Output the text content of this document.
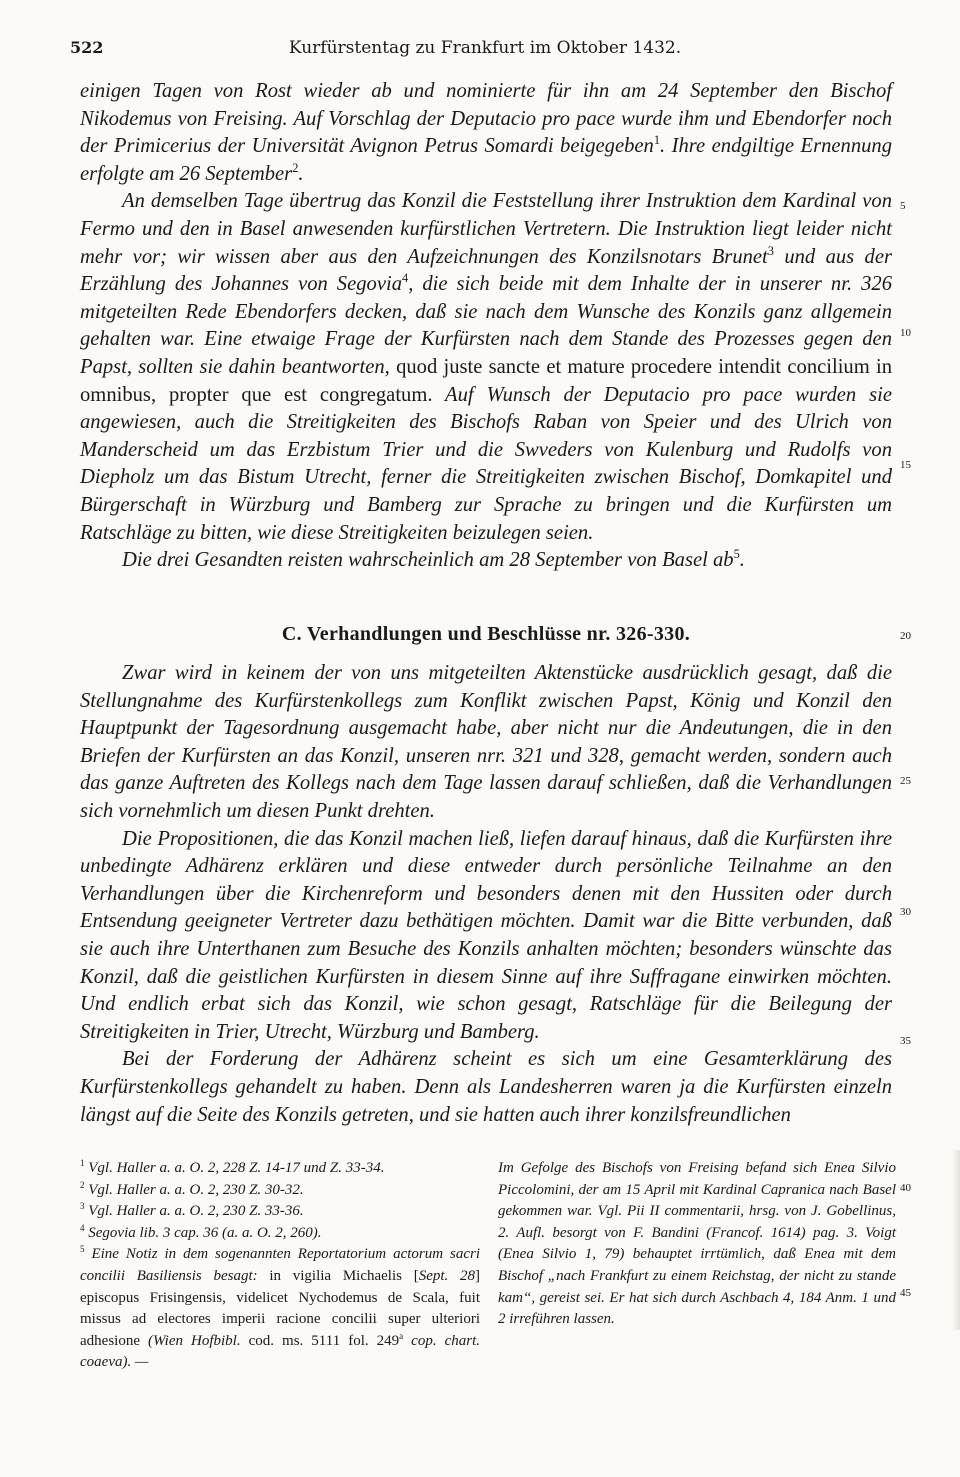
522	Kurfürstentag zu Frankfurt im Oktober 1432.

einigen Tagen von Rost wieder ab und nominierte für ihn am 24 September den Bischof Nikodemus von Freising. Auf Vorschlag der Deputacio pro pace wurde ihm und Ebendorfer noch der Primicerius der Universität Avignon Petrus Somardi beigegeben$^1$. Ihre endgiltige Ernennung erfolgte am 26 September$^2$.

An demselben Tage übertrug das Konzil die Feststellung ihrer Instruktion dem Kardinal von Fermo und den in Basel anwesenden kurfürstlichen Vertretern. Die Instruktion liegt leider nicht mehr vor; wir wissen aber aus den Aufzeichnungen des Konzilsnotars Brunet$^3$ und aus der Erzählung des Johannes von Segovia$^4$, die sich beide mit dem Inhalte der in unserer nr. 326 mitgeteilten Rede Ebendorfers decken, daß sie nach dem Wunsche des Konzils ganz allgemein gehalten war. Eine etwaige Frage der Kurfürsten nach dem Stande des Prozesses gegen den Papst, sollten sie dahin beantworten, quod juste sancte et mature procedere intendit concilium in omnibus, propter que est congregatum. Auf Wunsch der Deputacio pro pace wurden sie angewiesen, auch die Streitigkeiten des Bischofs Raban von Speier und des Ulrich von Manderscheid um das Erzbistum Trier und die Swveders von Kulenburg und Rudolfs von Diepholz um das Bistum Utrecht, ferner die Streitigkeiten zwischen Bischof, Domkapitel und Bürgerschaft in Würzburg und Bamberg zur Sprache zu bringen und die Kurfürsten um Ratschläge zu bitten, wie diese Streitigkeiten beizulegen seien.

Die drei Gesandten reisten wahrscheinlich am 28 September von Basel $ab^5$.

C. Verhandlungen und Beschlüsse nr. 326-330.

Zwar wird in keinem der von uns mitgeteilten Aktenstücke ausdrücklich gesagt, daß die Stellungnahme des Kurfürstenkollegs zum Konflikt zwischen Papst, König und Konzil den Hauptpunkt der Tagesordnung ausgemacht habe, aber nicht nur die Andeutungen, die in den Briefen der Kurfürsten an das Konzil, unseren nrr. 321 und 328, gemacht werden, sondern auch das ganze Auftreten des Kollegs nach dem Tage lassen darauf schließen, daß die Verhandlungen sich vornehmlich um diesen Punkt drehten.

Die Propositionen, die das Konzil machen ließ, liefen darauf hinaus, daß die Kurfürsten ihre unbedingte Adhärenz erklären und diese entweder durch persönliche Teilnahme an den Verhandlungen über die Kirchenreform und besonders denen mit den Hussiten oder durch Entsendung geeigneter Vertreter dazu bethätigen möchten. Damit war die Bitte verbunden, daß sie auch ihre Unterthanen zum Besuche des Konzils anhalten möchten; besonders wünschte das Konzil, daß die geistlichen Kurfürsten in diesem Sinne auf ihre Suffragane einwirken möchten. Und endlich erbat sich das Konzil, wie schon gesagt, Ratschläge für die Beilegung der Streitigkeiten in Trier, Utrecht, Würzburg und Bamberg.

Bei der Forderung der Adhärenz scheint es sich um eine Gesamterklärung des Kurfürstenkollegs gehandelt zu haben. Denn als Landesherren waren ja die Kurfürsten einzeln längst auf die Seite des Konzils getreten, und sie hatten auch ihrer konzilsfreundlichen

5
10
15
20
25
30
35
40
45

$^1$ Vgl. Haller a. a. O. 2, 228 Z. 14-17 und Z. 33-34.

$^2$ Vgl. Haller a. a. O. 2, 230 Z. 30-32.

$^3$ Vgl. Haller a. a. O. 2, 230 Z. 33-36.

$^4$ Segovia lib. 3 cap. 36 (a. a. O. 2, 260).

$^5$ Eine Notiz in dem sogenannten Reportatorium actorum sacri concilii Basiliensis besagt: in vigilia Michaelis [Sept. 28] episcopus Frisingensis, videlicet Nychodemus de Scala, fuit missus ad electores imperii racione concilii super ulteriori adhesione (Wien Hofbibl. cod. ms. 5111 fol. 249$^a$ cop. chart. coaeva). —

Im Gefolge des Bischofs von Freising befand sich Enea Silvio Piccolomini, der am 15 April mit Kardinal Capranica nach Basel gekommen war. Vgl. Pii II commentarii, hrsg. von J. Gobellinus, 2. Aufl. besorgt von F. Bandini (Francof. 1614) pag. 3. Voigt (Enea Silvio 1, 79) behauptet irrtümlich, daß Enea mit dem Bischof „nach Frankfurt zu einem Reichstag, der nicht zu stande kam“, gereist sei. Er hat sich durch Aschbach 4, 184 Anm. 1 und 2 irreführen lassen.
